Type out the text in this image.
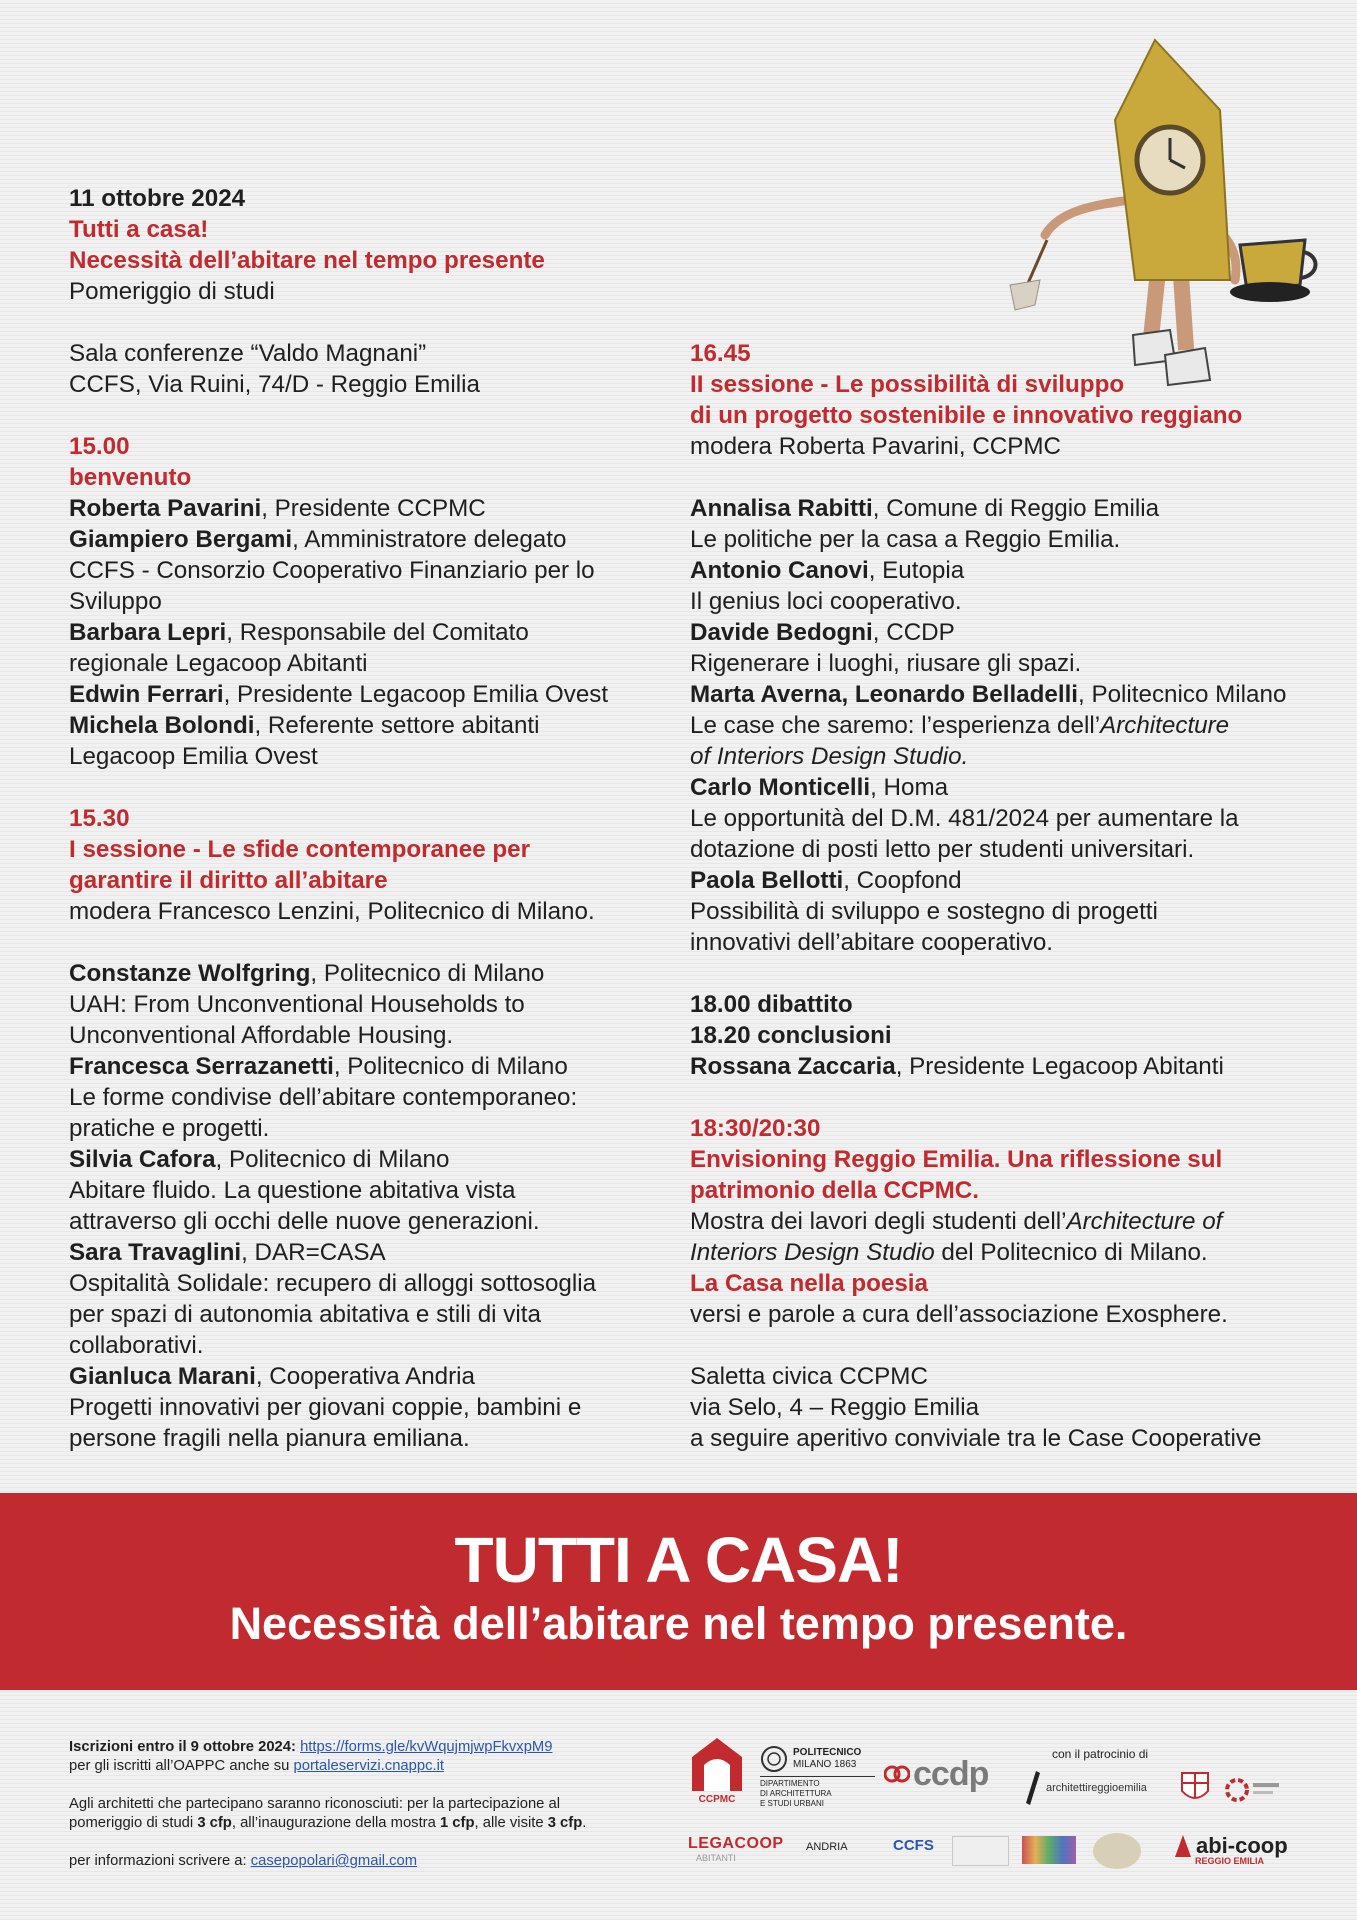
11 ottobre 2024
Tutti a casa!
Necessità dell’abitare nel tempo presente
Pomeriggio di studi
Sala conferenze “Valdo Magnani”
CCFS, Via Ruini, 74/D - Reggio Emilia
15.00
benvenuto
Roberta Pavarini, Presidente CCPMC
Giampiero Bergami, Amministratore delegato
CCFS - Consorzio Cooperativo Finanziario per lo
Sviluppo
Barbara Lepri, Responsabile del Comitato
regionale Legacoop Abitanti
Edwin Ferrari, Presidente Legacoop Emilia Ovest
Michela Bolondi, Referente settore abitanti
Legacoop Emilia Ovest
15.30
I sessione - Le sfide contemporanee per
garantire il diritto all’abitare
modera Francesco Lenzini, Politecnico di Milano.
Constanze Wolfgring, Politecnico di Milano
UAH: From Unconventional Households to
Unconventional Affordable Housing.
Francesca Serrazanetti, Politecnico di Milano
Le forme condivise dell’abitare contemporaneo:
pratiche e progetti.
Silvia Cafora, Politecnico di Milano
Abitare fluido. La questione abitativa vista
attraverso gli occhi delle nuove generazioni.
Sara Travaglini, DAR=CASA
Ospitalità Solidale: recupero di alloggi sottosoglia
per spazi di autonomia abitativa e stili di vita
collaborativi.
Gianluca Marani, Cooperativa Andria
Progetti innovativi per giovani coppie, bambini e
persone fragili nella pianura emiliana.
16.45
II sessione - Le possibilità di sviluppo
di un progetto sostenibile e innovativo reggiano
modera Roberta Pavarini, CCPMC
Annalisa Rabitti, Comune di Reggio Emilia
Le politiche per la casa a Reggio Emilia.
Antonio Canovi, Eutopia
Il genius loci cooperativo.
Davide Bedogni, CCDP
Rigenerare i luoghi, riusare gli spazi.
Marta Averna, Leonardo Belladelli, Politecnico Milano
Le case che saremo: l’esperienza dell’Architecture
of Interiors Design Studio.
Carlo Monticelli, Homa
Le opportunità del D.M. 481/2024 per aumentare la
dotazione di posti letto per studenti universitari.
Paola Bellotti, Coopfond
Possibilità di sviluppo e sostegno di progetti
innovativi dell’abitare cooperativo.
18.00 dibattito
18.20 conclusioni
Rossana Zaccaria, Presidente Legacoop Abitanti
18:30/20:30
Envisioning Reggio Emilia. Una riflessione sul
patrimonio della CCPMC.
Mostra dei lavori degli studenti dell’Architecture of
Interiors Design Studio del Politecnico di Milano.
La Casa nella poesia
versi e parole a cura dell’associazione Exosphere.
Saletta civica CCPMC
via Selo, 4 – Reggio Emilia
a seguire aperitivo conviviale tra le Case Cooperative
TUTTI A CASA!
Necessità dell’abitare nel tempo presente.
Iscrizioni entro il 9 ottobre 2024: https://forms.gle/kvWqujmjwpFkvxpM9
per gli iscritti all’OAPPC anche su portaleservizi.cnappc.it
Agli architetti che partecipano saranno riconosciuti: per la partecipazione al
pomeriggio di studi 3 cfp, all’inaugurazione della mostra 1 cfp, alle visite 3 cfp.
per informazioni scrivere a: casepopolari@gmail.com
CCPMC
POLITECNICO
MILANO 1863
DIPARTIMENTO
DI ARCHITETTURA
E STUDI URBANI
ccdp
con il patrocinio di
architettireggioemilia
LEGACOOP
ABITANTI
ANDRIA	CCFS	abi-coop
REGGIO EMILIA
